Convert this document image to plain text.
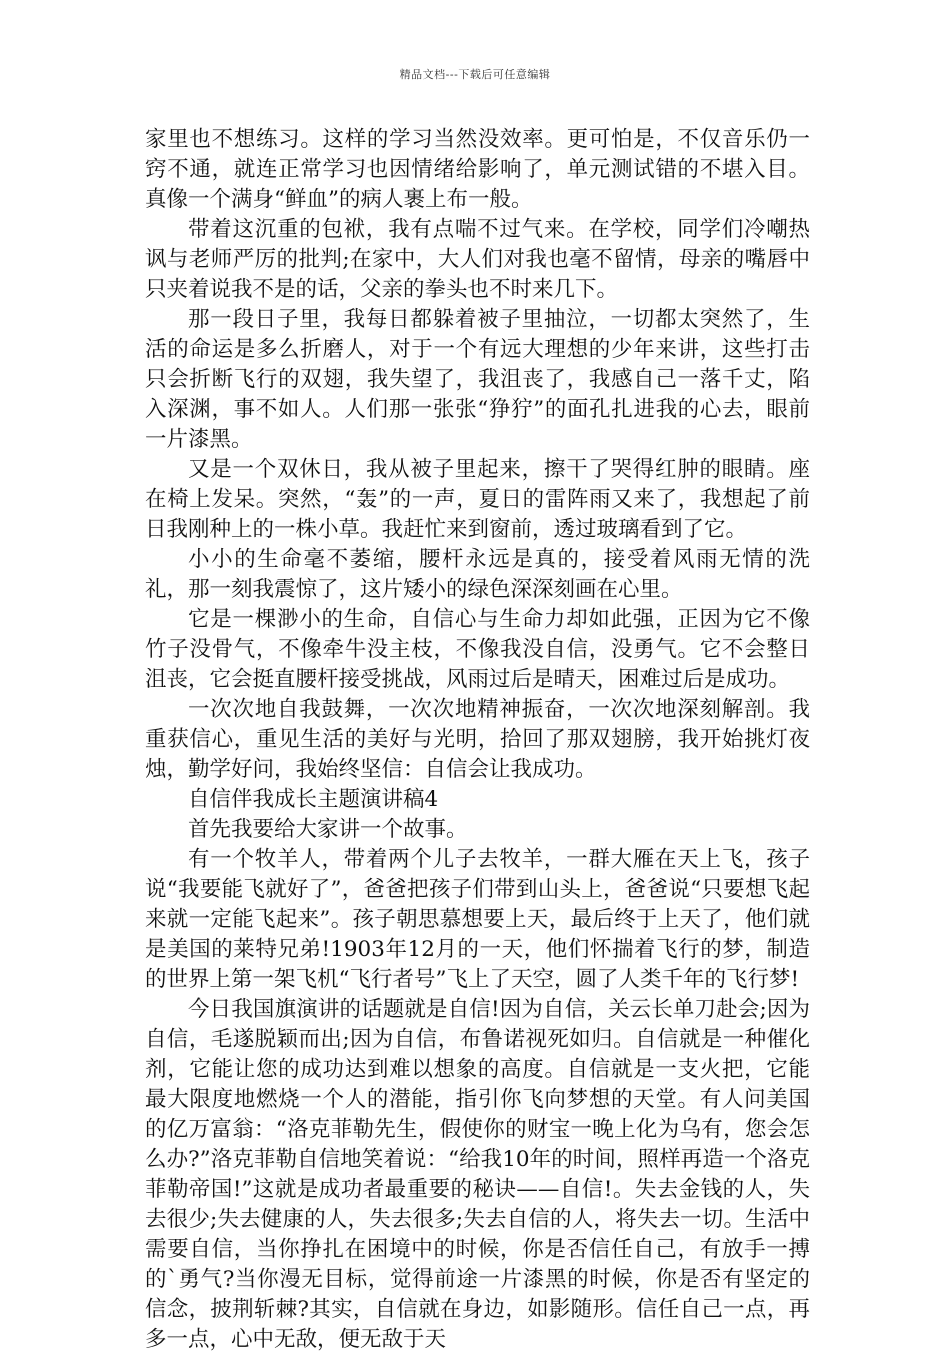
精品文档---下载后可任意编辑

家里也不想练习。这样的学习当然没效率。更可怕是，不仅音乐仍一窍不通，就连正常学习也因情绪给影响了，单元测试错的不堪入目。真像一个满身“鲜血”的病人裹上布一般。

带着这沉重的包袱，我有点喘不过气来。在学校，同学们冷嘲热讽与老师严厉的批判;在家中，大人们对我也毫不留情，母亲的嘴唇中只夹着说我不是的话，父亲的拳头也不时来几下。

那一段日子里，我每日都躲着被子里抽泣，一切都太突然了，生活的命运是多么折磨人，对于一个有远大理想的少年来讲，这些打击只会折断飞行的双翅，我失望了，我沮丧了，我感自己一落千丈，陷入深渊，事不如人。人们那一张张“狰狞”的面孔扎进我的心去，眼前一片漆黑。

又是一个双休日，我从被子里起来，擦干了哭得红肿的眼睛。座在椅上发呆。突然，“轰”的一声，夏日的雷阵雨又来了，我想起了前日我刚种上的一株小草。我赶忙来到窗前，透过玻璃看到了它。

小小的生命毫不萎缩，腰杆永远是真的，接受着风雨无情的洗礼，那一刻我震惊了，这片矮小的绿色深深刻画在心里。

它是一棵渺小的生命，自信心与生命力却如此强，正因为它不像竹子没骨气，不像牵牛没主枝，不像我没自信，没勇气。它不会整日沮丧，它会挺直腰杆接受挑战，风雨过后是晴天，困难过后是成功。

一次次地自我鼓舞，一次次地精神振奋，一次次地深刻解剖。我重获信心，重见生活的美好与光明，拾回了那双翅膀，我开始挑灯夜烛，勤学好问，我始终坚信：自信会让我成功。

自信伴我成长主题演讲稿4

首先我要给大家讲一个故事。

有一个牧羊人，带着两个儿子去牧羊，一群大雁在天上飞，孩子说“我要能飞就好了”，爸爸把孩子们带到山头上，爸爸说“只要想飞起来就一定能飞起来”。孩子朝思慕想要上天，最后终于上天了，他们就是美国的莱特兄弟!1903年12月的一天，他们怀揣着飞行的梦，制造的世界上第一架飞机“飞行者号”飞上了天空，圆了人类千年的飞行梦!

今日我国旗演讲的话题就是自信!因为自信，关云长单刀赴会;因为自信，毛遂脱颖而出;因为自信，布鲁诺视死如归。自信就是一种催化剂，它能让您的成功达到难以想象的高度。自信就是一支火把，它能最大限度地燃烧一个人的潜能，指引你飞向梦想的天堂。有人问美国的亿万富翁：“洛克菲勒先生，假使你的财宝一晚上化为乌有，您会怎么办?”洛克菲勒自信地笑着说：“给我10年的时间，照样再造一个洛克菲勒帝国!”这就是成功者最重要的秘诀——自信!。失去金钱的人，失去很少;失去健康的人，失去很多;失去自信的人，将失去一切。生活中需要自信，当你挣扎在困境中的时候，你是否信任自己，有放手一搏的`勇气?当你漫无目标，觉得前途一片漆黑的时候，你是否有坚定的信念，披荆斩棘?其实，自信就在身边，如影随形。信任自己一点，再多一点，心中无敌，便无敌于天
